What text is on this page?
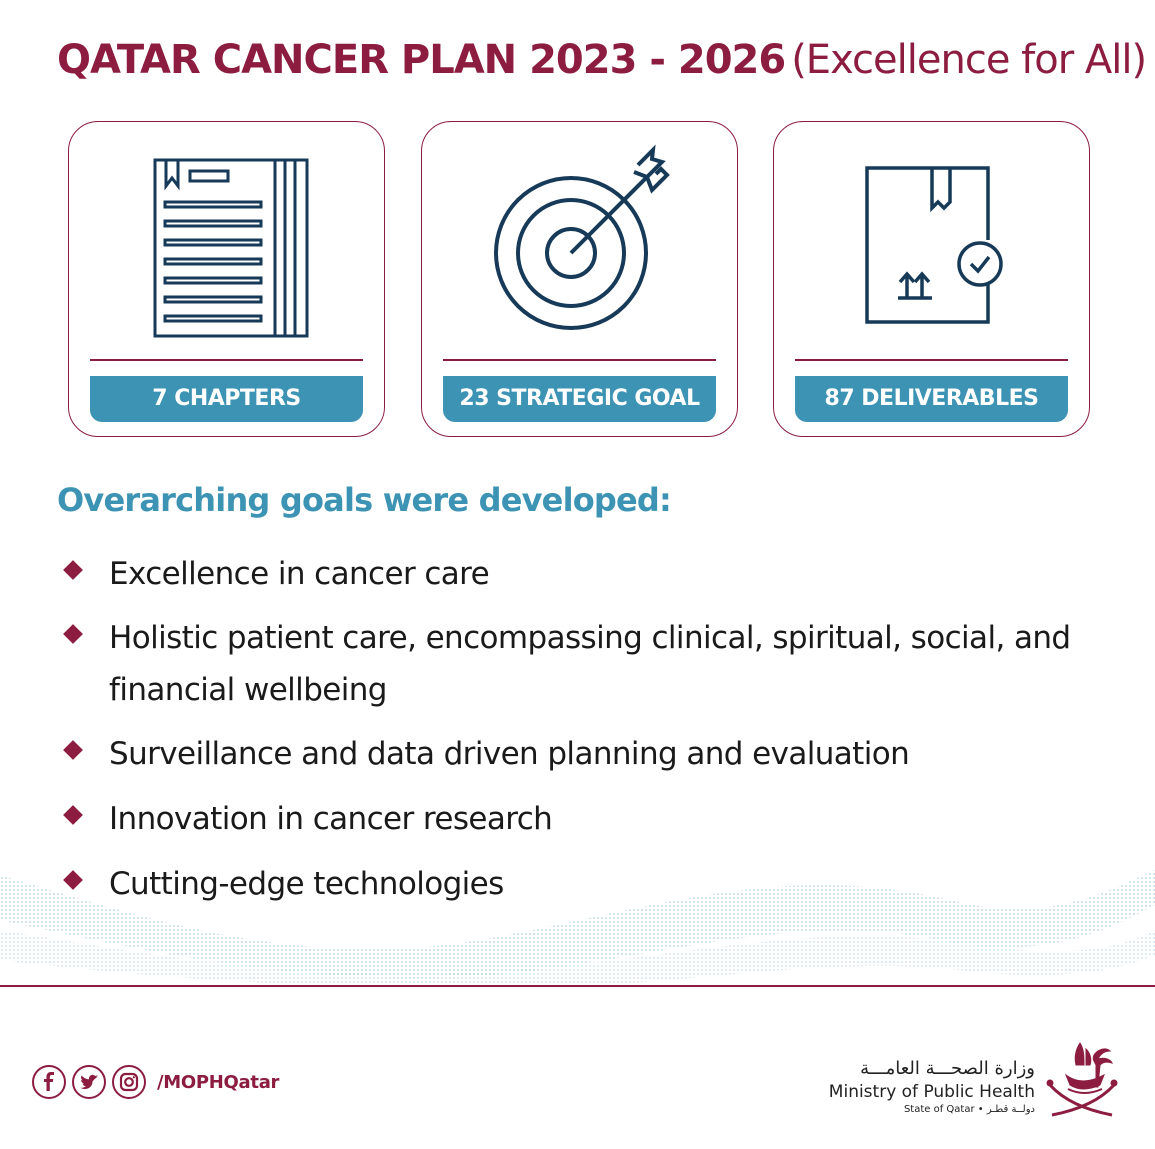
QATAR CANCER PLAN 2023 - 2026 (Excellence for All)
7 CHAPTERS	23 STRATEGIC GOAL	87 DELIVERABLES
Overarching goals were developed:
Excellence in cancer care
Holistic patient care, encompassing clinical, spiritual, social, and financial wellbeing
Surveillance and data driven planning and evaluation
Innovation in cancer research
Cutting-edge technologies
/MOPHQatar
وزارة الصحـــة العامـــة
Ministry of Public Health
State of Qatar • دولــة قطـر
